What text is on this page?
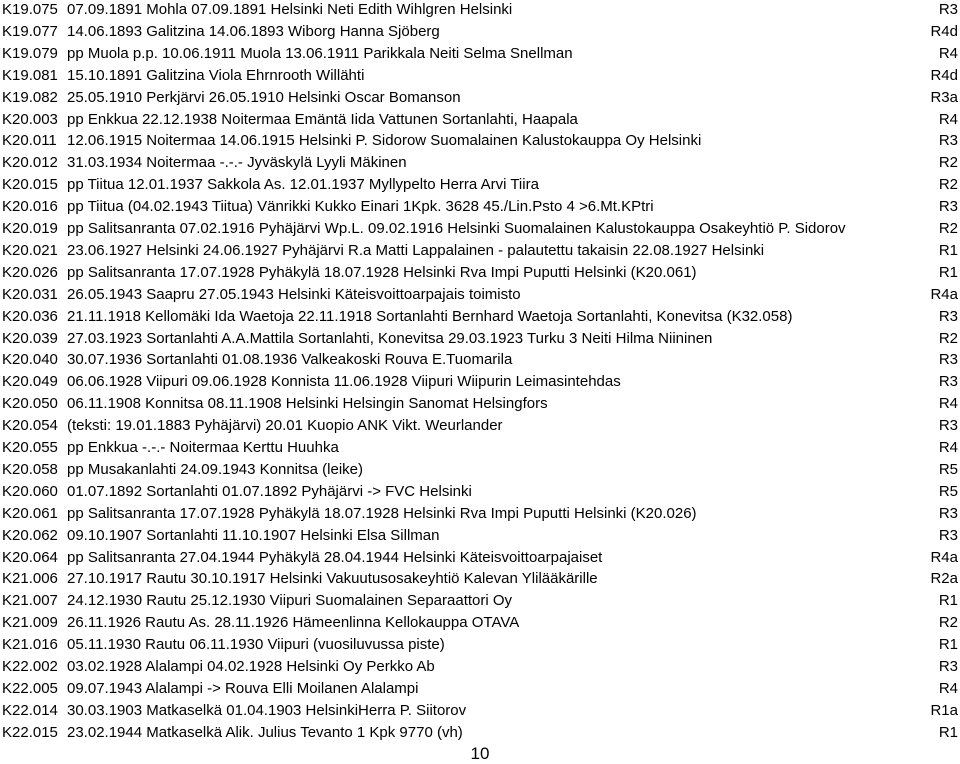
K19.075 07.09.1891 Mohla 07.09.1891 Helsinki Neti Edith Wihlgren Helsinki	R3
K19.077 14.06.1893 Galitzina 14.06.1893 Wiborg Hanna Sjöberg	R4d
K19.079 pp Muola p.p. 10.06.1911 Muola 13.06.1911 Parikkala Neiti Selma Snellman	R4
K19.081 15.10.1891 Galitzina Viola Ehrnrooth Willähti	R4d
K19.082 25.05.1910 Perkjärvi 26.05.1910 Helsinki Oscar Bomanson	R3a
K20.003 pp Enkkua 22.12.1938 Noitermaa Emäntä Iida Vattunen Sortanlahti, Haapala	R4
K20.011 12.06.1915 Noitermaa 14.06.1915 Helsinki P. Sidorow Suomalainen Kalustokauppa Oy Helsinki	R3
K20.012 31.03.1934 Noitermaa -.-.- Jyväskylä Lyyli Mäkinen	R2
K20.015 pp Tiitua 12.01.1937 Sakkola As. 12.01.1937 Myllypelto Herra Arvi Tiira	R2
K20.016 pp Tiitua (04.02.1943 Tiitua) Vänrikki Kukko Einari 1Kpk. 3628 45./Lin.Psto 4 >6.Mt.KPtri	R3
K20.019 pp Salitsanranta 07.02.1916 Pyhäjärvi Wp.L. 09.02.1916 Helsinki Suomalainen Kalustokauppa Osakeyhtiö P. Sidorov	R2
K20.021 23.06.1927 Helsinki 24.06.1927 Pyhäjärvi R.a Matti Lappalainen - palautettu takaisin 22.08.1927 Helsinki	R1
K20.026 pp Salitsanranta 17.07.1928 Pyhäkylä 18.07.1928 Helsinki Rva Impi Puputti Helsinki (K20.061)	R1
K20.031 26.05.1943 Saapru 27.05.1943 Helsinki Käteisvoittoarpajais toimisto	R4a
K20.036 21.11.1918 Kellomäki Ida Waetoja 22.11.1918 Sortanlahti Bernhard Waetoja Sortanlahti, Konevitsa (K32.058)	R3
K20.039 27.03.1923 Sortanlahti A.A.Mattila Sortanlahti, Konevitsa 29.03.1923 Turku 3 Neiti Hilma Niininen	R2
K20.040 30.07.1936 Sortanlahti 01.08.1936 Valkeakoski Rouva E.Tuomarila	R3
K20.049 06.06.1928 Viipuri 09.06.1928 Konnista 11.06.1928 Viipuri Wiipurin Leimasintehdas	R3
K20.050 06.11.1908 Konnitsa 08.11.1908 Helsinki Helsingin Sanomat Helsingfors	R4
K20.054 (teksti: 19.01.1883 Pyhäjärvi) 20.01 Kuopio ANK Vikt. Weurlander	R3
K20.055 pp Enkkua -.-.- Noitermaa Kerttu Huuhka	R4
K20.058 pp Musakanlahti 24.09.1943 Konnitsa (leike)	R5
K20.060 01.07.1892 Sortanlahti 01.07.1892 Pyhäjärvi -> FVC Helsinki	R5
K20.061 pp Salitsanranta 17.07.1928 Pyhäkylä 18.07.1928 Helsinki Rva Impi Puputti Helsinki (K20.026)	R3
K20.062 09.10.1907 Sortanlahti 11.10.1907 Helsinki Elsa Sillman	R3
K20.064 pp Salitsanranta 27.04.1944 Pyhäkylä 28.04.1944 Helsinki Käteisvoittoarpajaiset	R4a
K21.006 27.10.1917 Rautu 30.10.1917 Helsinki Vakuutusosakeyhtiö Kalevan Ylilääkärille	R2a
K21.007 24.12.1930 Rautu 25.12.1930 Viipuri Suomalainen Separaattori Oy	R1
K21.009 26.11.1926 Rautu As. 28.11.1926 Hämeenlinna Kellokauppa OTAVA	R2
K21.016 05.11.1930 Rautu 06.11.1930 Viipuri (vuosiluvussa piste)	R1
K22.002 03.02.1928 Alalampi 04.02.1928 Helsinki Oy Perkko Ab	R3
K22.005 09.07.1943 Alalampi -> Rouva Elli Moilanen Alalampi	R4
K22.014 30.03.1903 Matkaselkä 01.04.1903 HelsinkiHerra P. Siitorov	R1a
K22.015 23.02.1944 Matkaselkä Alik. Julius Tevanto 1 Kpk 9770 (vh)	R1
10
